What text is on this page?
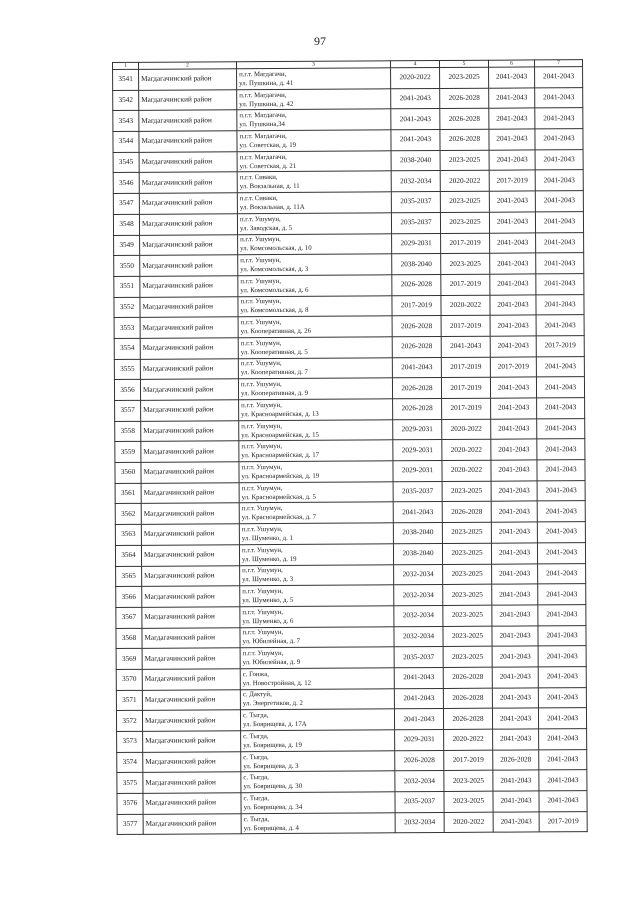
97
1	2	3	4	5	6	7
3541	Магдагачинский район	п.г.т. Магдагачи,
ул. Пушкина, д. 41	2020-2022	2023-2025	2041-2043	2041-2043
3542	Магдагачинский район	п.г.т. Магдагачи,
ул. Пушкина, д. 42	2041-2043	2026-2028	2041-2043	2041-2043
3543	Магдагачинский район	п.г.т. Магдагачи,
ул. Пушкина,34	2041-2043	2026-2028	2041-2043	2041-2043
3544	Магдагачинский район	п.г.т. Магдагачи,
ул. Советская, д. 19	2041-2043	2026-2028	2041-2043	2041-2043
3545	Магдагачинский район	п.г.т. Магдагачи,
ул. Советская, д. 21	2038-2040	2023-2025	2041-2043	2041-2043
3546	Магдагачинский район	п.г.т. Сиваки,
ул. Вокзальная, д. 11	2032-2034	2020-2022	2017-2019	2041-2043
3547	Магдагачинский район	п.г.т. Сиваки,
ул. Вокзальная, д. 11А	2035-2037	2023-2025	2041-2043	2041-2043
3548	Магдагачинский район	п.г.т. Ушумун,
ул. Заводская, д. 5	2035-2037	2023-2025	2041-2043	2041-2043
3549	Магдагачинский район	п.г.т. Ушумун,
ул. Комсомольская, д. 10	2029-2031	2017-2019	2041-2043	2041-2043
3550	Магдагачинский район	п.г.т. Ушумун,
ул. Комсомольская, д. 3	2038-2040	2023-2025	2041-2043	2041-2043
3551	Магдагачинский район	п.г.т. Ушумун,
ул. Комсомольская, д. 6	2026-2028	2017-2019	2041-2043	2041-2043
3552	Магдагачинский район	п.г.т. Ушумун,
ул. Комсомольская, д. 8	2017-2019	2020-2022	2041-2043	2041-2043
3553	Магдагачинский район	п.г.т. Ушумун,
ул. Кооперативная, д. 26	2026-2028	2017-2019	2041-2043	2041-2043
3554	Магдагачинский район	п.г.т. Ушумун,
ул. Кооперативная, д. 5	2026-2028	2041-2043	2041-2043	2017-2019
3555	Магдагачинский район	п.г.т. Ушумун,
ул. Кооперативная, д. 7	2041-2043	2017-2019	2017-2019	2041-2043
3556	Магдагачинский район	п.г.т. Ушумун,
ул. Кооперативная, д. 9	2026-2028	2017-2019	2041-2043	2041-2043
3557	Магдагачинский район	п.г.т. Ушумун,
ул. Красноармейская, д. 13	2026-2028	2017-2019	2041-2043	2041-2043
3558	Магдагачинский район	п.г.т. Ушумун,
ул. Красноармейская, д. 15	2029-2031	2020-2022	2041-2043	2041-2043
3559	Магдагачинский район	п.г.т. Ушумун,
ул. Красноармейская, д. 17	2029-2031	2020-2022	2041-2043	2041-2043
3560	Магдагачинский район	п.г.т. Ушумун,
ул. Красноармейская, д. 19	2029-2031	2020-2022	2041-2043	2041-2043
3561	Магдагачинский район	п.г.т. Ушумун,
ул. Красноармейская, д. 5	2035-2037	2023-2025	2041-2043	2041-2043
3562	Магдагачинский район	п.г.т. Ушумун,
ул. Красноармейская, д. 7	2041-2043	2026-2028	2041-2043	2041-2043
3563	Магдагачинский район	п.г.т. Ушумун,
ул. Шуменко, д. 1	2038-2040	2023-2025	2041-2043	2041-2043
3564	Магдагачинский район	п.г.т. Ушумун,
ул. Шуменко, д. 19	2038-2040	2023-2025	2041-2043	2041-2043
3565	Магдагачинский район	п.г.т. Ушумун,
ул. Шуменко, д. 3	2032-2034	2023-2025	2041-2043	2041-2043
3566	Магдагачинский район	п.г.т. Ушумун,
ул. Шуменко, д. 5	2032-2034	2023-2025	2041-2043	2041-2043
3567	Магдагачинский район	п.г.т. Ушумун,
ул. Шуменко, д. 6	2032-2034	2023-2025	2041-2043	2041-2043
3568	Магдагачинский район	п.г.т. Ушумун,
ул. Юбилейная, д. 7	2032-2034	2023-2025	2041-2043	2041-2043
3569	Магдагачинский район	п.г.т. Ушумун,
ул. Юбилейная, д. 9	2035-2037	2023-2025	2041-2043	2041-2043
3570	Магдагачинский район	с. Гонжа,
ул. Новостройная, д. 12	2041-2043	2026-2028	2041-2043	2041-2043
3571	Магдагачинский район	с. Дактуй,
ул. Энергетиков, д. 2	2041-2043	2026-2028	2041-2043	2041-2043
3572	Магдагачинский район	с. Тыгда,
ул. Боярищева, д. 17А	2041-2043	2026-2028	2041-2043	2041-2043
3573	Магдагачинский район	с. Тыгда,
ул. Боярищева, д. 19	2029-2031	2020-2022	2041-2043	2041-2043
3574	Магдагачинский район	с. Тыгда,
ул. Боярищева, д. 3	2026-2028	2017-2019	2026-2028	2041-2043
3575	Магдагачинский район	с. Тыгда,
ул. Боярищева, д. 30	2032-2034	2023-2025	2041-2043	2041-2043
3576	Магдагачинский район	с. Тыгда,
ул. Боярищева, д. 34	2035-2037	2023-2025	2041-2043	2041-2043
3577	Магдагачинский район	с. Тыгда,
ул. Боярищева, д. 4	2032-2034	2020-2022	2041-2043	2017-2019
